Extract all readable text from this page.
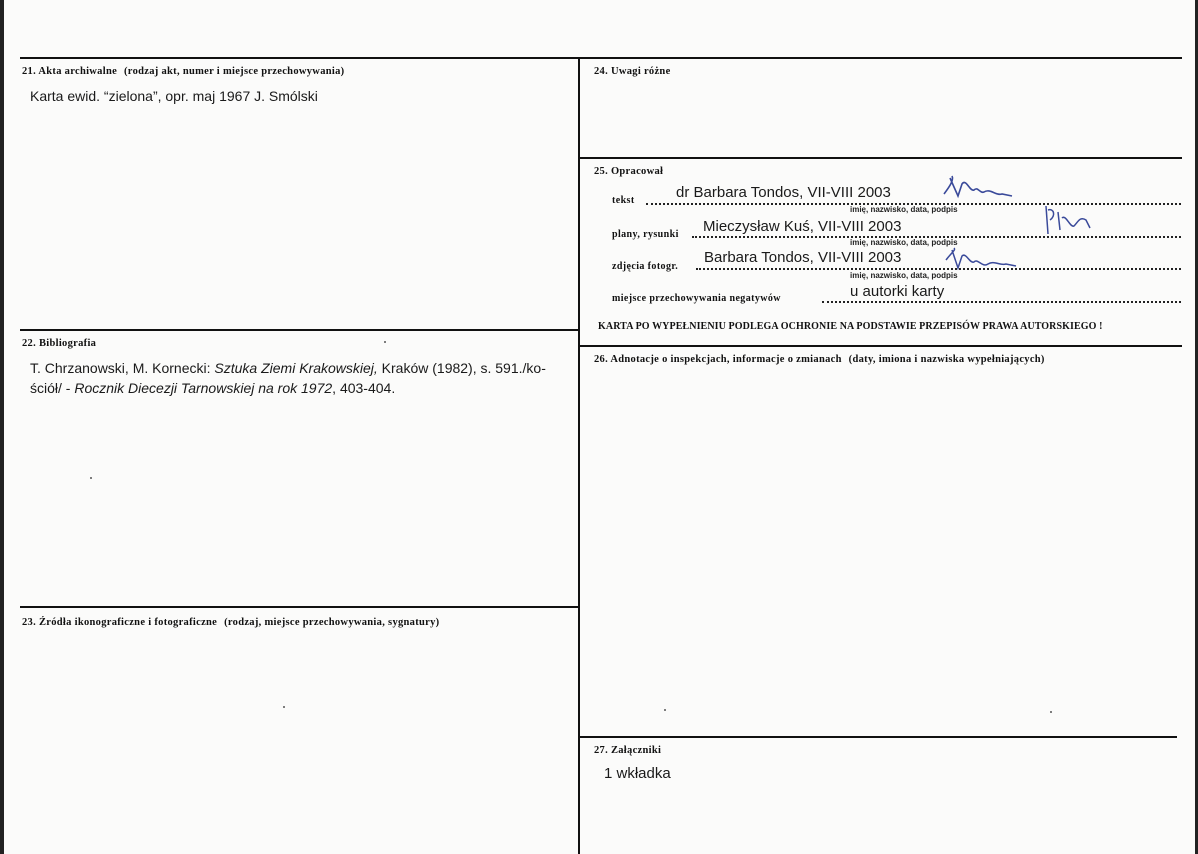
21. Akta archiwalne (rodzaj akt, numer i miejsce przechowywania)
Karta ewid. “zielona”, opr. maj 1967 J. Smólski
22. Bibliografia
T. Chrzanowski, M. Kornecki: Sztuka Ziemi Krakowskiej, Kraków (1982), s. 591./ko-
ściół/ - Rocznik Diecezji Tarnowskiej na rok 1972, 403-404.
23. Źródła ikonograficzne i fotograficzne (rodzaj, miejsce przechowywania, sygnatury)
24. Uwagi różne
25. Opracował
tekst	dr Barbara Tondos, VII-VIII 2003
imię, nazwisko, data, podpis
plany, rysunki Mieczysław Kuś, VII-VIII 2003
imię, nazwisko, data, podpis
zdjęcia fotogr.
Barbara Tondos, VII-VIII 2003
imię, nazwisko, data, podpis
miejsce przechowywania negatywów	u autorki karty
KARTA PO WYPEŁNIENIU PODLEGA OCHRONIE NA PODSTAWIE PRZEPISÓW PRAWA AUTORSKIEGO !
26. Adnotacje o inspekcjach, informacje o zmianach (daty, imiona i nazwiska wypełniających)
27. Załączniki
1 wkładka
